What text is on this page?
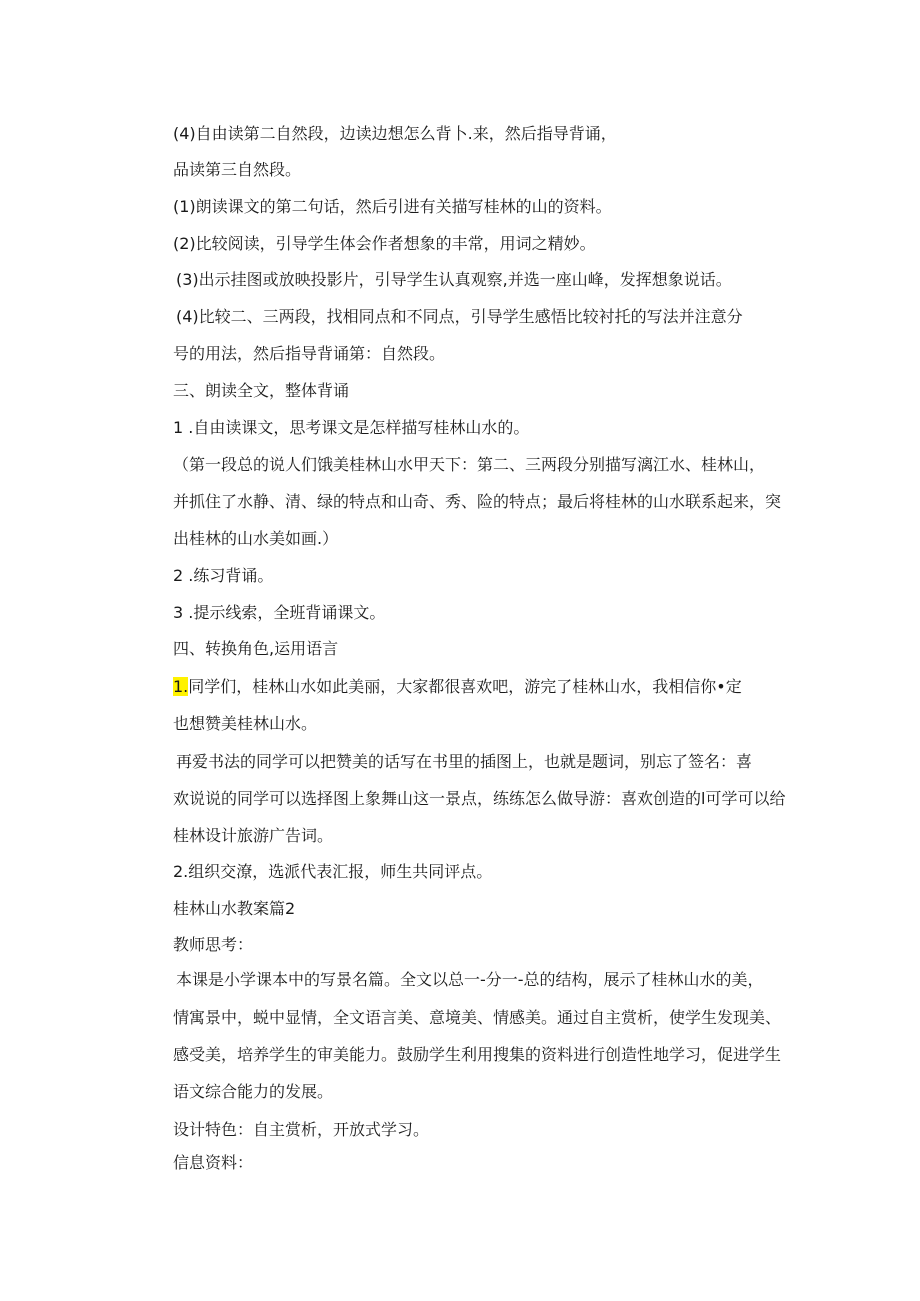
(4)自由读第二自然段，边读边想怎么背卜.来，然后指导背诵，
品读第三自然段。
(1)朗读课文的第二句话，然后引进有关描写桂林的山的资料。
(2)比较阅读，引导学生体会作者想象的丰常，用词之精妙。
(3)出示挂图或放映投影片，引导学生认真观察,并选一座山峰，发挥想象说话。
(4)比较二、三两段，找相同点和不同点，引导学生感悟比较衬托的写法并注意分
号的用法，然后指导背诵第：自然段。
三、朗读全文，整体背诵
1 .自由读课文，思考课文是怎样描写桂林山水的。
（第一段总的说人们饿美桂林山水甲天下：第二、三两段分别描写漓江水、桂林山，
并抓住了水静、清、绿的特点和山奇、秀、险的特点；最后将桂林的山水联系起来，突
出桂林的山水美如画.）
2 .练习背诵。
3 .提示线索，全班背诵课文。
四、转换角色,运用语言
1.同学们，桂林山水如此美丽，大家都很喜欢吧，游完了桂林山水，我相信你•定
也想赞美桂林山水。
再爱书法的同学可以把赞美的话写在书里的插图上，也就是题词，别忘了签名：喜
欢说说的同学可以选择图上象舞山这一景点，练练怎么做导游：喜欢创造的l可学可以给
桂林设计旅游广告词。
2.组织交潦，选派代表汇报，师生共同评点。
桂林山水教案篇2
教师思考：
本课是小学课本中的写景名篇。全文以总一-分一-总的结构，展示了桂林山水的美，
情寓景中，蜕中显情，全文语言美、意境美、情感美。通过自主赏析，使学生发现美、
感受美，培养学生的审美能力。鼓励学生利用搜集的资料进行创造性地学习，促进学生
语文综合能力的发展。
设计特色：自主赏析，开放式学习。
信息资料：
